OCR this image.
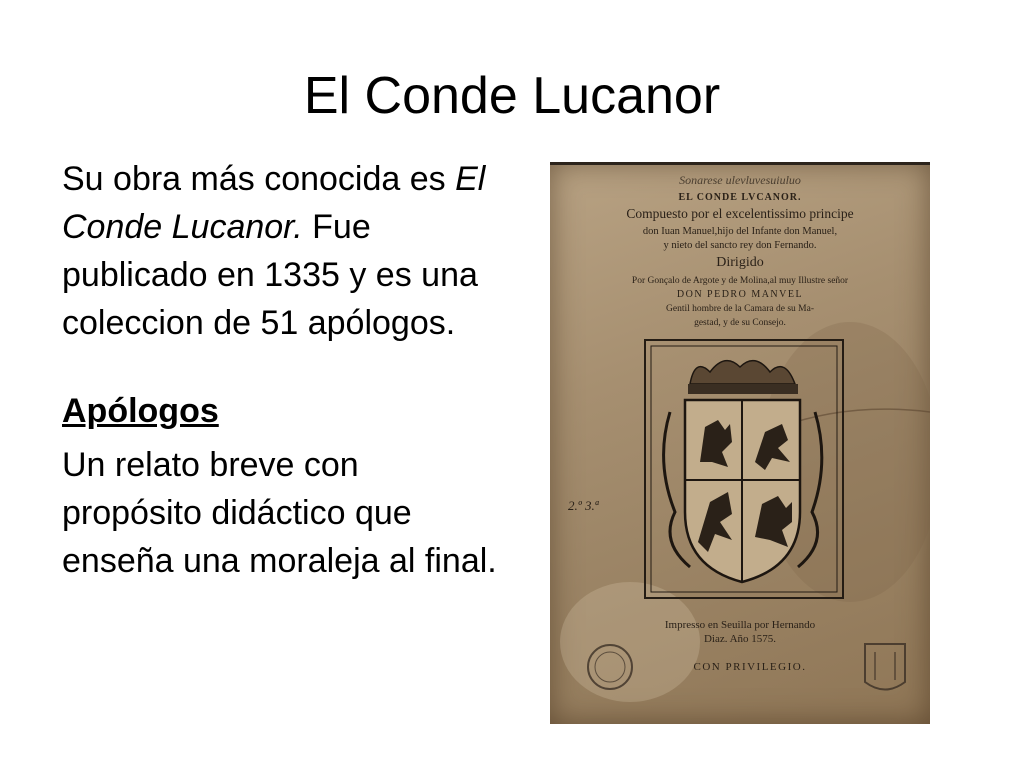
El Conde Lucanor

Su obra más conocida es El Conde Lucanor. Fue publicado en 1335 y es una coleccion de 51 apólogos.

Apólogos

Un relato breve con propósito didáctico que enseña una moraleja al final.

Sonarese ulevluvesuiuluo
EL CONDE LVCANOR.
Compuesto por el excelentissimo principe
don Iuan Manuel,hijo del Infante don Manuel,
y nieto del sancto rey don Fernando.
Dirigido
Por Gonçalo de Argote y de Molina,al muy Illustre señor
DON PEDRO MANVEL
Gentil hombre de la Camara de su Ma-
gestad, y de su Consejo.
2.º 3.ª
Impresso en Seuilla por Hernando
Diaz. Año 1575.
CON PRIVILEGIO.
